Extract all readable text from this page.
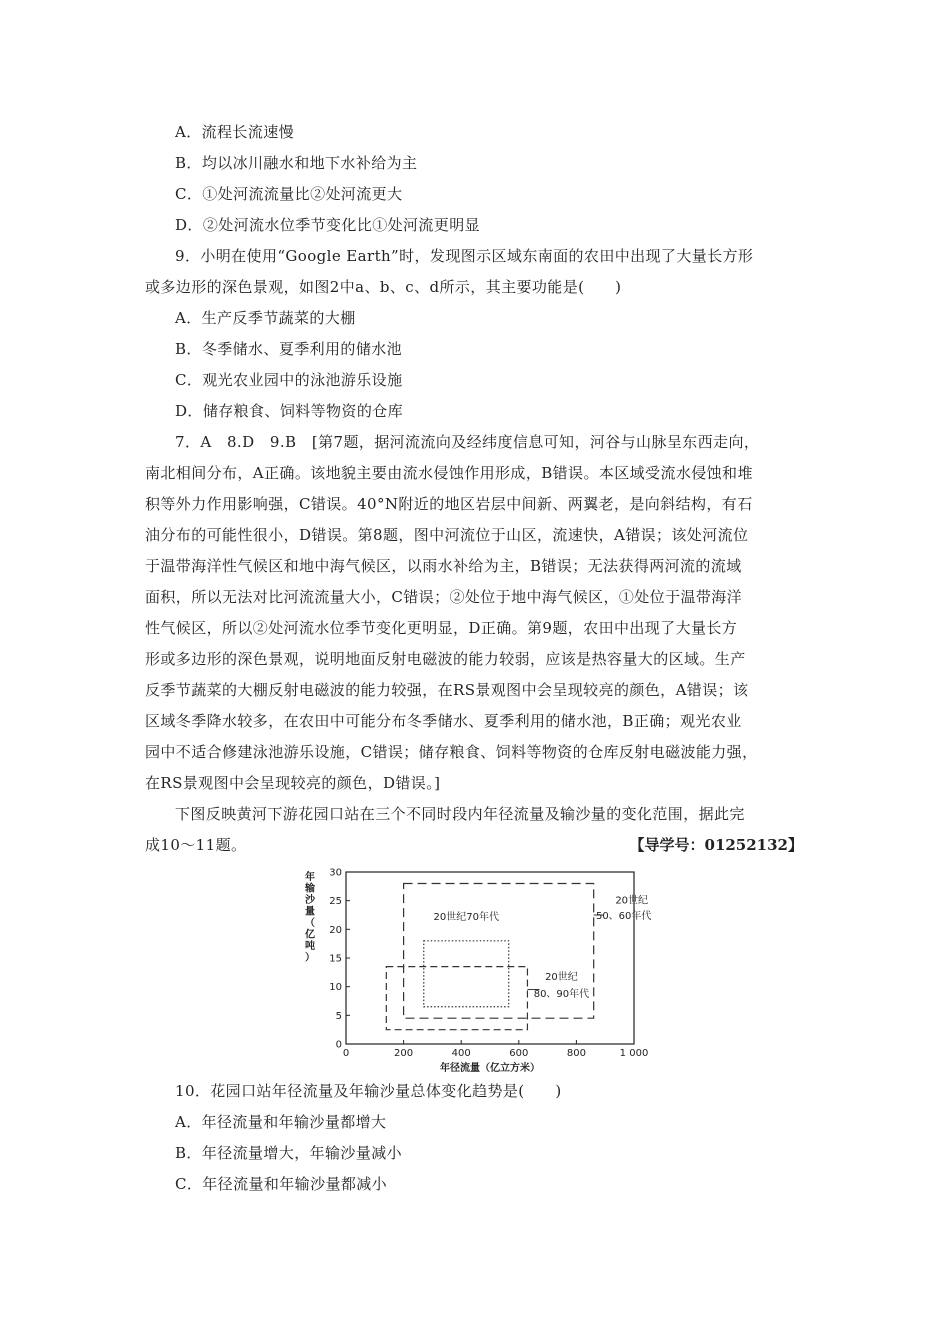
A．流程长流速慢
B．均以冰川融水和地下水补给为主
C．①处河流流量比②处河流更大
D．②处河流水位季节变化比①处河流更明显
9．小明在使用“Google Earth”时，发现图示区域东南面的农田中出现了大量长方形
或多边形的深色景观，如图2中a、b、c、d所示，其主要功能是(　　)
A．生产反季节蔬菜的大棚
B．冬季储水、夏季利用的储水池
C．观光农业园中的泳池游乐设施
D．储存粮食、饲料等物资的仓库
7．A　8.D　9.B　[第7题，据河流流向及经纬度信息可知，河谷与山脉呈东西走向，
南北相间分布，A正确。该地貌主要由流水侵蚀作用形成，B错误。本区域受流水侵蚀和堆
积等外力作用影响强，C错误。40°N附近的地区岩层中间新、两翼老，是向斜结构，有石
油分布的可能性很小，D错误。第8题，图中河流位于山区，流速快，A错误；该处河流位
于温带海洋性气候区和地中海气候区，以雨水补给为主，B错误；无法获得两河流的流域
面积，所以无法对比河流流量大小，C错误；②处位于地中海气候区，①处位于温带海洋
性气候区，所以②处河流水位季节变化更明显，D正确。第9题，农田中出现了大量长方
形或多边形的深色景观，说明地面反射电磁波的能力较弱，应该是热容量大的区域。生产
反季节蔬菜的大棚反射电磁波的能力较强，在RS景观图中会呈现较亮的颜色，A错误；该
区域冬季降水较多，在农田中可能分布冬季储水、夏季利用的储水池，B正确；观光农业
园中不适合修建泳池游乐设施，C错误；储存粮食、饲料等物资的仓库反射电磁波能力强，
在RS景观图中会呈现较亮的颜色，D错误。]
下图反映黄河下游花园口站在三个不同时段内年径流量及输沙量的变化范围，据此完
成10～11题。	【导学号：01252132】
年
输
沙
量
（
亿
吨
）
0
5
10
15
20
25
30
0	200	400	600	800	1 000
20世纪
50、60年代
20世纪70年代
20世纪
80、90年代
年径流量（亿立方米）
10．花园口站年径流量及年输沙量总体变化趋势是(　　)
A．年径流量和年输沙量都增大
B．年径流量增大，年输沙量减小
C．年径流量和年输沙量都减小
